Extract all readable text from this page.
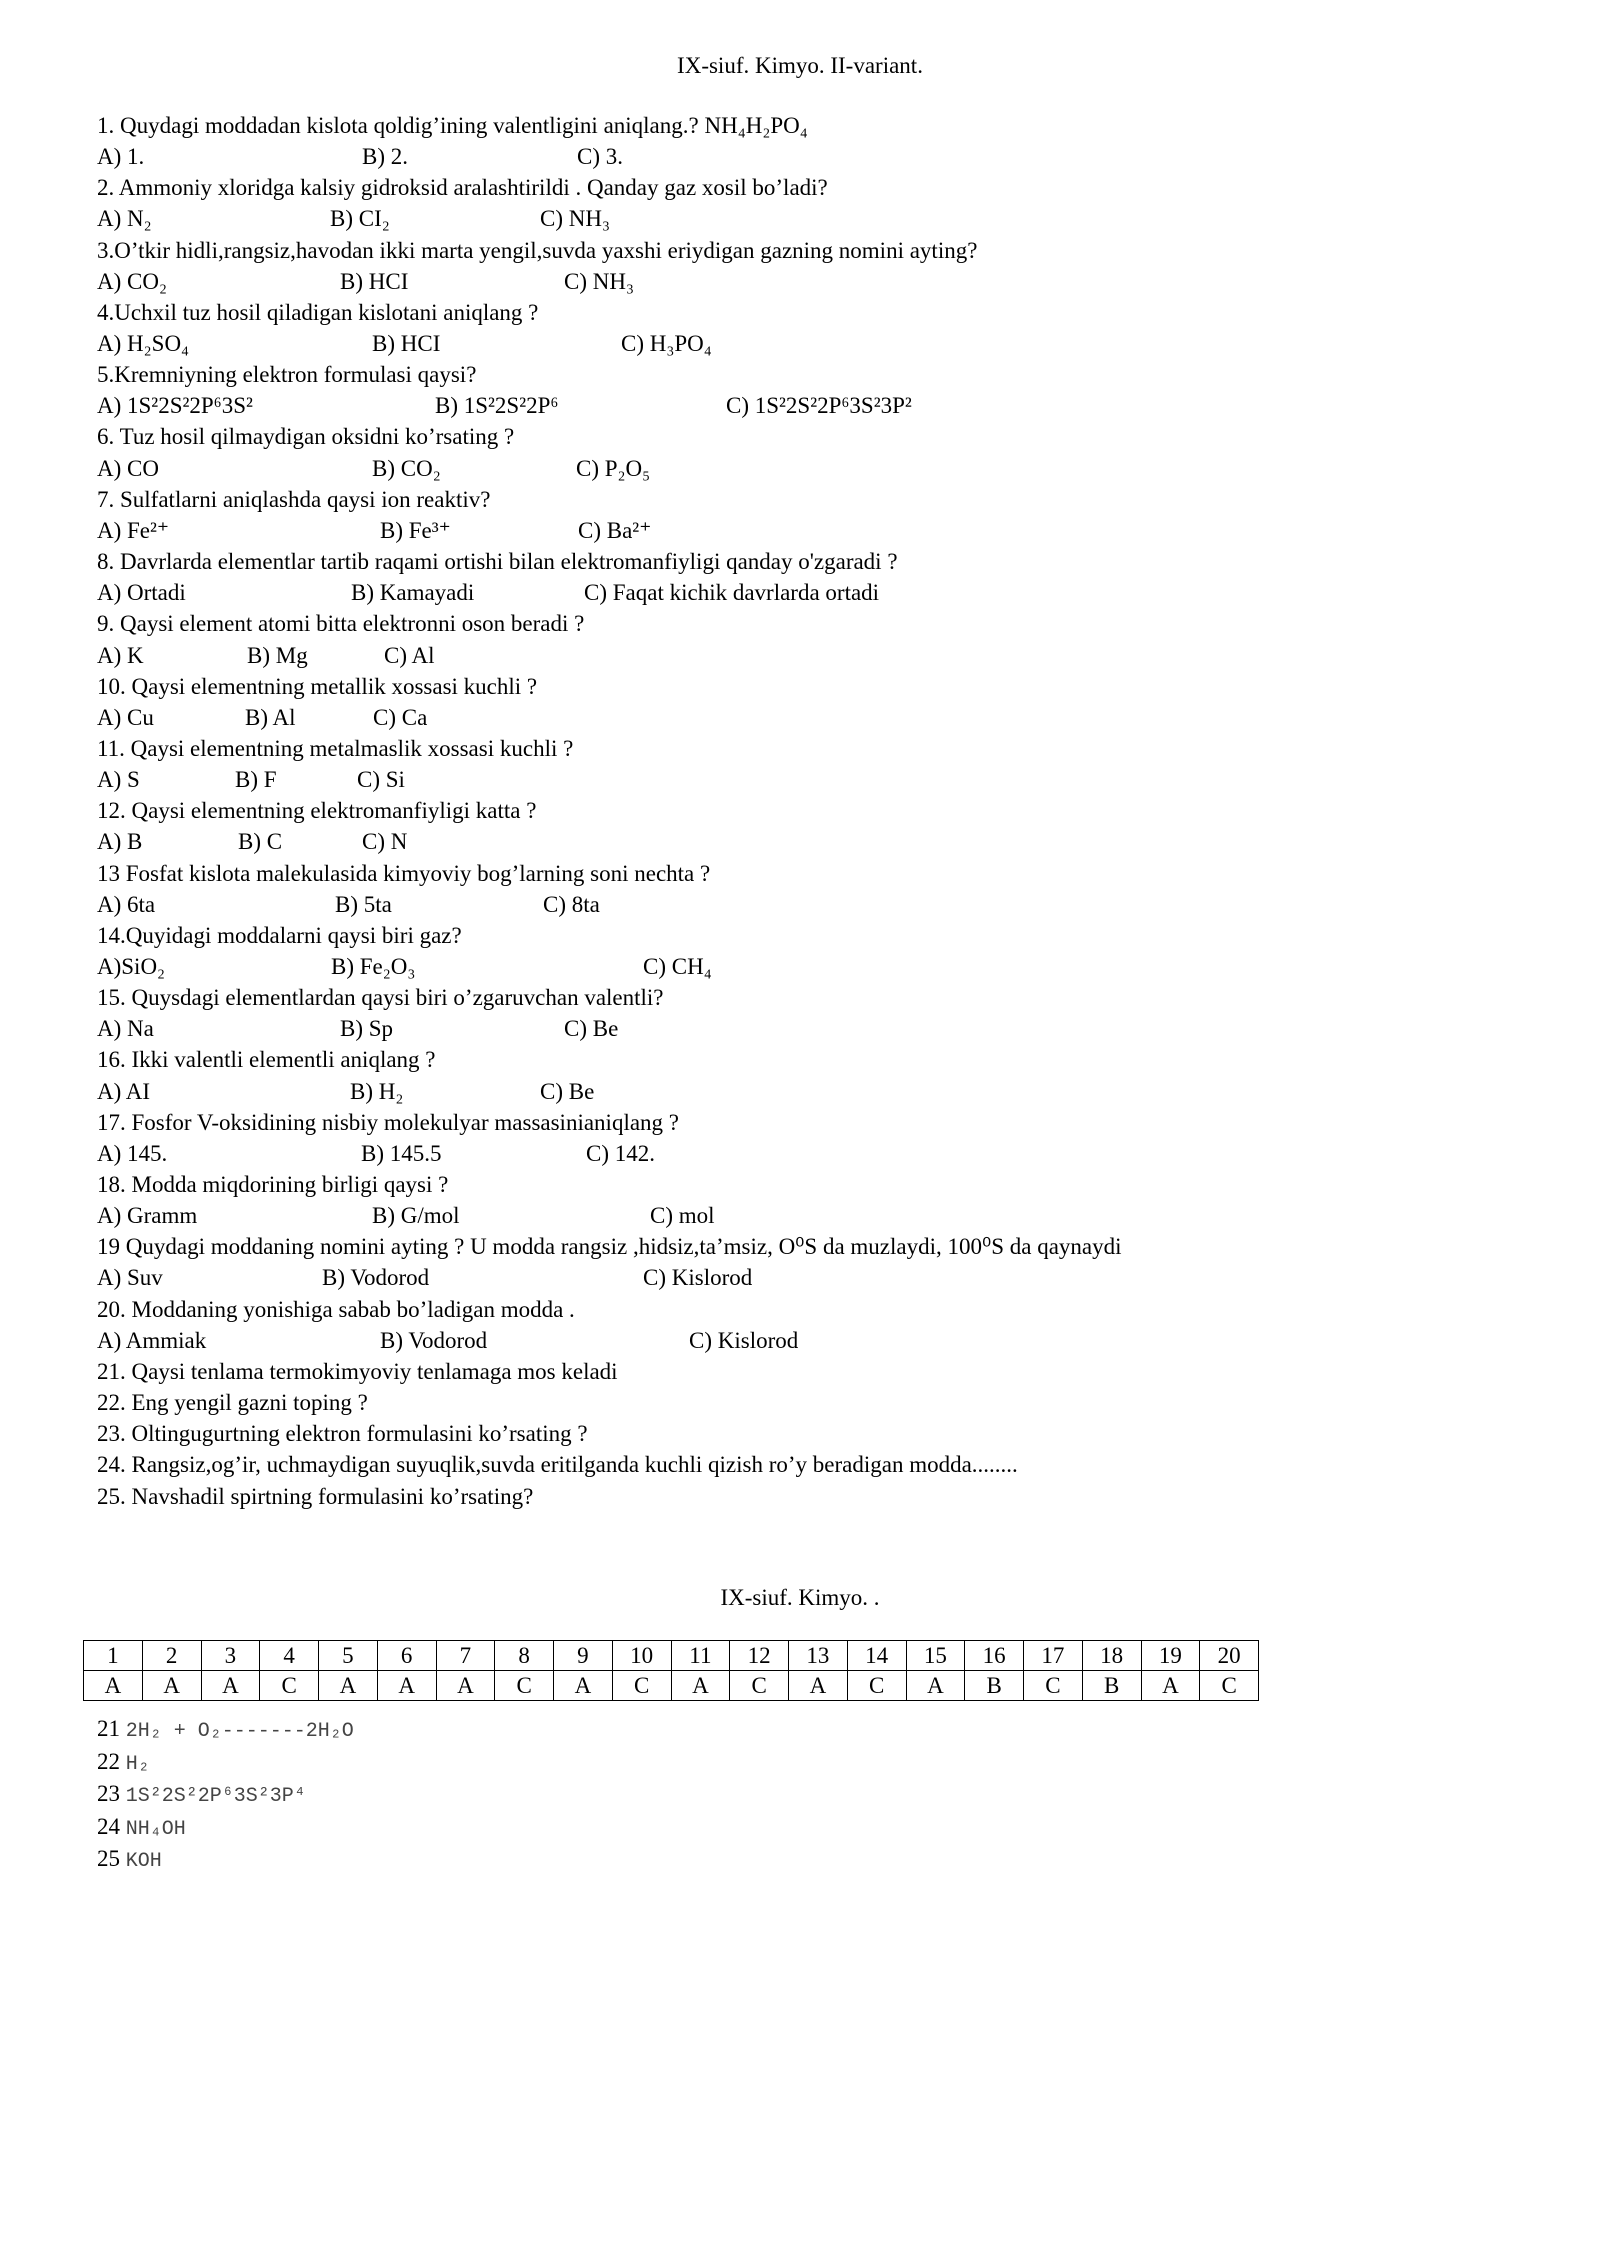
IX-siuf. Kimyo. II-variant.
1. Quydagi moddadan kislota qoldig’ining valentligini aniqlang.? NH₄H₂PO₄
A) 1.	B) 2.	C) 3.
2. Ammoniy xloridga kalsiy gidroksid aralashtirildi . Qanday gaz xosil bo’ladi?
A) N₂	B) CI₂	C) NH₃
3.O’tkir hidli,rangsiz,havodan ikki marta yengil,suvda yaxshi eriydigan gazning nomini ayting?
A) CO₂	B) HCI	C) NH₃
4.Uchxil tuz hosil qiladigan kislotani aniqlang ?
A) H₂SO₄	B) HCI	C) H₃PO₄
5.Kremniyning elektron formulasi qaysi?
A) 1S²2S²2P⁶3S²	B) 1S²2S²2P⁶	C) 1S²2S²2P⁶3S²3P²
6. Tuz hosil qilmaydigan oksidni ko’rsating ?
A) CO	B) CO₂	C) P₂O₅
7. Sulfatlarni aniqlashda qaysi ion reaktiv?
A) Fe²⁺	B) Fe³⁺	C) Ba²⁺
8. Davrlarda elementlar tartib raqami ortishi bilan elektromanfiyligi qanday o'zgaradi ?
A) Ortadi	B) Kamayadi	C) Faqat kichik davrlarda ortadi
9. Qaysi element atomi bitta elektronni oson beradi ?
A) K	B) Mg	C) Al
10. Qaysi elementning metallik xossasi kuchli ?
A) Cu	B) Al	C) Ca
11. Qaysi elementning metalmaslik xossasi kuchli ?
A) S	B) F	C) Si
12. Qaysi elementning elektromanfiyligi katta ?
A) B	B) C	C) N
13 Fosfat kislota malekulasida kimyoviy bog’larning soni nechta ?
A) 6ta	B) 5ta	C) 8ta
14.Quyidagi moddalarni qaysi biri gaz?
A)SiO₂	B) Fe₂O₃	C) CH₄
15. Quysdagi elementlardan qaysi biri o’zgaruvchan valentli?
A) Na	B) Sp	C) Be
16. Ikki valentli elementli aniqlang ?
A) AI	B) H₂	C) Be
17. Fosfor V-oksidining nisbiy molekulyar massasinianiqlang ?
A) 145.	B) 145.5	C) 142.
18. Modda miqdorining birligi qaysi ?
A) Gramm	B) G/mol	C) mol
19 Quydagi moddaning nomini ayting ? U modda rangsiz ,hidsiz,ta’msiz, O⁰S da muzlaydi, 100⁰S da qaynaydi
A) Suv	B) Vodorod	C) Kislorod
20. Moddaning yonishiga sabab bo’ladigan modda .
A) Ammiak	B) Vodorod	C) Kislorod
21. Qaysi tenlama termokimyoviy tenlamaga mos keladi
22. Eng yengil gazni toping ?
23. Oltingugurtning elektron formulasini ko’rsating ?
24. Rangsiz,og’ir, uchmaydigan suyuqlik,suvda eritilganda kuchli qizish ro’y beradigan modda........
25. Navshadil spirtning formulasini ko’rsating?
IX-siuf. Kimyo. .
1	2	3	4	5	6	7	8	9	10	11	12	13	14	15	16	17	18	19	20
A	A	A	C	A	A	A	C	A	C	A	C	A	C	A	B	C	B	A	C
21 2H₂ + O₂-------2H₂O
22 H₂
23 1S²2S²2P⁶3S²3P⁴
24 NH₄OH
25 KOH
